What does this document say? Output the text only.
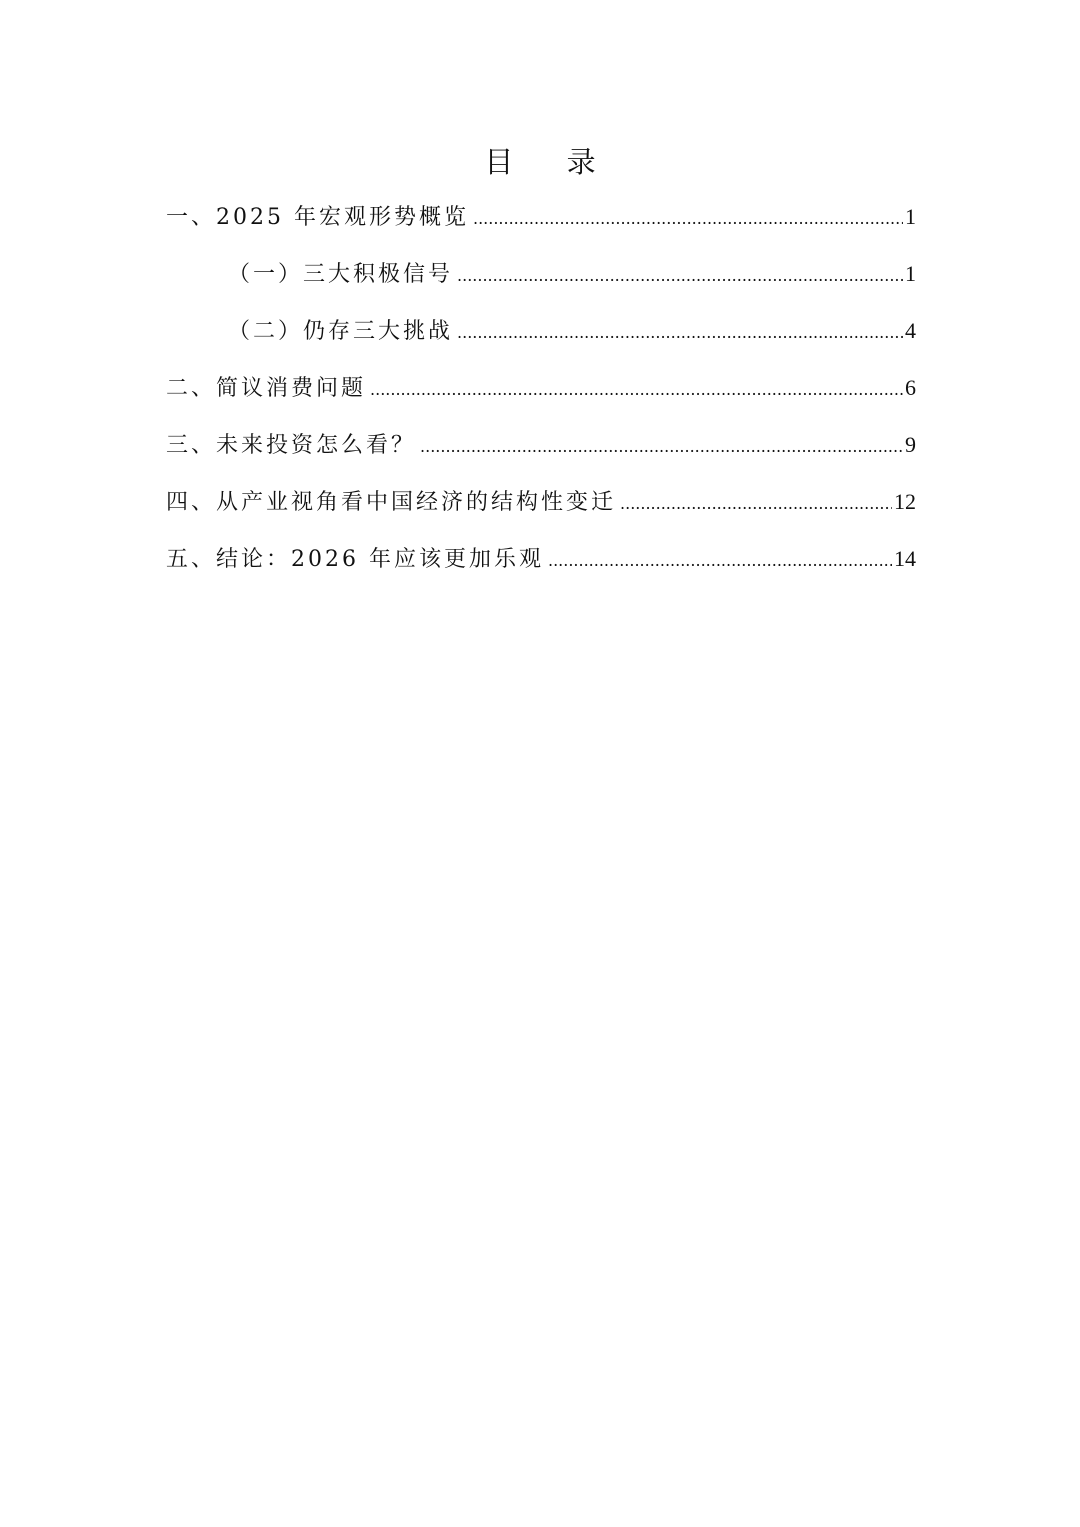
目 录
一、2025 年宏观形势概览 .....	1
（一）三大积极信号 .....	1
（二）仍存三大挑战 .....	4
二、简议消费问题 .....	6
三、未来投资怎么看？ .....	9
四、从产业视角看中国经济的结构性变迁 .....	12
五、结论：2026 年应该更加乐观 .....	14
